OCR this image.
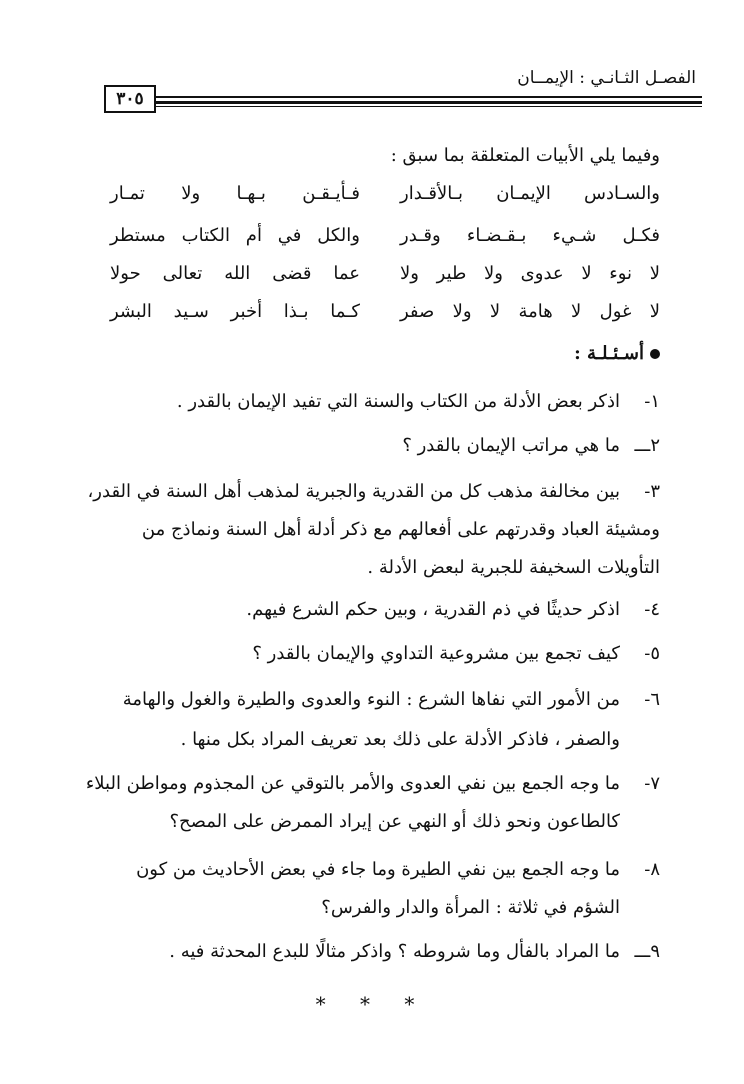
الفصـل الثـانـي : الإيمــان
٣٠٥
وفيما يلي الأبيات المتعلقة بما سبق :
والسـادس الإيمـان بـالأقـدار
فـأيـقـن بـهـا ولا تمـار
فكـل شـيء بـقـضـاء وقـدر
والكل في أم الكتاب مستطر
لا نوء لا عدوى ولا طير ولا
عما قضى الله تعالى حولا
لا غول لا هامة لا ولا صفر
كـما بـذا أخبر سـيد البشر
أسـئـلـة :
١-
اذكر بعض الأدلة من الكتاب والسنة التي تفيد الإيمان بالقدر .
٢ـــ
ما هي مراتب الإيمان بالقدر ؟
٣-
بين مخالفة مذهب كل من القدرية والجبرية لمذهب أهل السنة في القدر،
ومشيئة العباد وقدرتهم على أفعالهم مع ذكر أدلة أهل السنة ونماذج من
التأويلات السخيفة للجبرية لبعض الأدلة .
٤-
اذكر حديثًا في ذم القدرية ، وبين حكم الشرع فيهم.
٥-
كيف تجمع بين مشروعية التداوي والإيمان بالقدر ؟
٦-
من الأمور التي نفاها الشرع : النوء والعدوى والطيرة والغول والهامة
والصفر ، فاذكر الأدلة على ذلك بعد تعريف المراد بكل منها .
٧-
ما وجه الجمع بين نفي العدوى والأمر بالتوقي عن المجذوم ومواطن البلاء
كالطاعون ونحو ذلك أو النهي عن إيراد الممرض على المصح؟
٨-
ما وجه الجمع بين نفي الطيرة وما جاء في بعض الأحاديث من كون
الشؤم في ثلاثة : المرأة والدار والفرس؟
٩ـــ
ما المراد بالفأل وما شروطه ؟ واذكر مثالًا للبدع المحدثة فيه .
* * *
